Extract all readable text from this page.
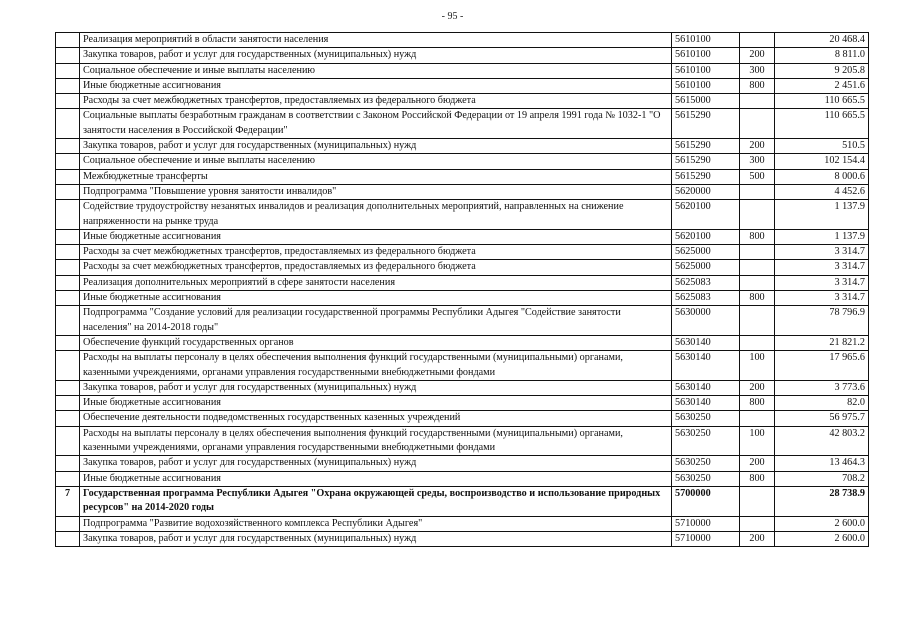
- 95 -
	Реализация мероприятий в области занятости населения	5610100		20 468.4
	Закупка товаров, работ и услуг для государственных (муниципальных) нужд	5610100	200	8 811.0
	Социальное обеспечение и иные выплаты населению	5610100	300	9 205.8
	Иные бюджетные ассигнования	5610100	800	2 451.6
	Расходы за счет межбюджетных трансфертов, предоставляемых из федерального бюджета	5615000		110 665.5
	Социальные выплаты безработным гражданам в соответствии с Законом Российской Федерации от 19 апреля 1991 года № 1032-1 "О занятости населения в Российской Федерации"	5615290		110 665.5
	Закупка товаров, работ и услуг для государственных (муниципальных) нужд	5615290	200	510.5
	Социальное обеспечение и иные выплаты населению	5615290	300	102 154.4
	Межбюджетные трансферты	5615290	500	8 000.6
	Подпрограмма "Повышение уровня занятости инвалидов"	5620000		4 452.6
	Содействие трудоустройству незанятых инвалидов и реализация дополнительных мероприятий, направленных на снижение напряженности на рынке труда	5620100		1 137.9
	Иные бюджетные ассигнования	5620100	800	1 137.9
	Расходы за счет межбюджетных трансфертов, предоставляемых из федерального бюджета	5625000		3 314.7
	Расходы за счет межбюджетных трансфертов, предоставляемых из федерального бюджета	5625000		3 314.7
	Реализация дополнительных мероприятий в сфере занятости населения	5625083		3 314.7
	Иные бюджетные ассигнования	5625083	800	3 314.7
	Подпрограмма "Создание условий для реализации государственной программы Республики Адыгея "Содействие занятости населения" на 2014-2018 годы"	5630000		78 796.9
	Обеспечение функций государственных органов	5630140		21 821.2
	Расходы на выплаты персоналу в целях обеспечения выполнения функций государственными (муниципальными) органами, казенными учреждениями, органами управления государственными внебюджетными фондами	5630140	100	17 965.6
	Закупка товаров, работ и услуг для государственных (муниципальных) нужд	5630140	200	3 773.6
	Иные бюджетные ассигнования	5630140	800	82.0
	Обеспечение деятельности подведомственных государственных казенных учреждений	5630250		56 975.7
	Расходы на выплаты персоналу в целях обеспечения выполнения функций государственными (муниципальными) органами, казенными учреждениями, органами управления государственными внебюджетными фондами	5630250	100	42 803.2
	Закупка товаров, работ и услуг для государственных (муниципальных) нужд	5630250	200	13 464.3
	Иные бюджетные ассигнования	5630250	800	708.2
7	Государственная программа Республики Адыгея "Охрана окружающей среды, воспроизводство и использование природных ресурсов" на 2014-2020 годы	5700000		28 738.9
	Подпрограмма "Развитие водохозяйственного комплекса Республики Адыгея"	5710000		2 600.0
	Закупка товаров, работ и услуг для государственных (муниципальных) нужд	5710000	200	2 600.0
